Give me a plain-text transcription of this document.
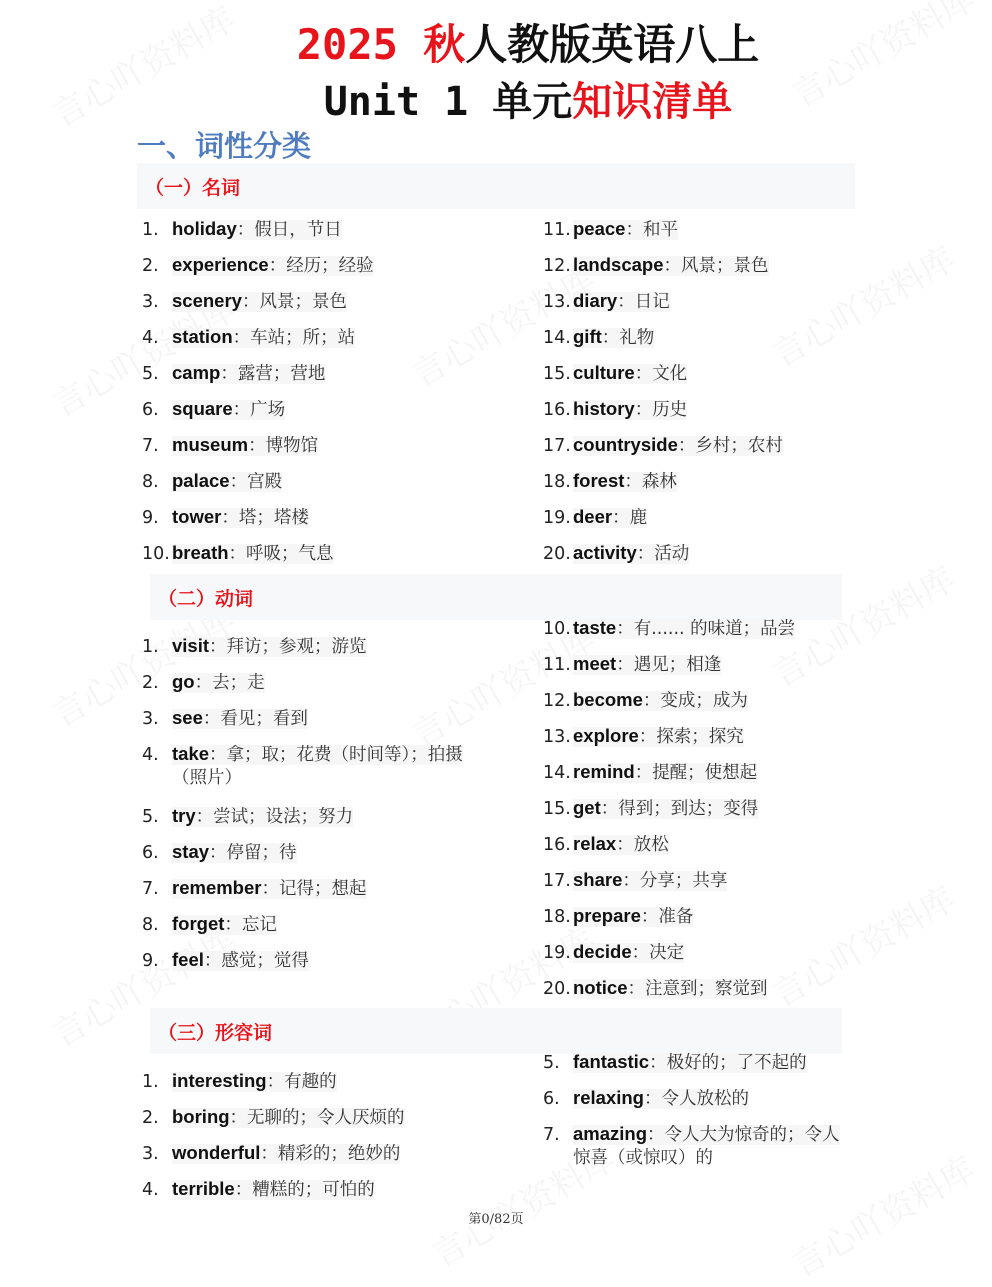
2025 秋人教版英语八上
Unit 1 单元知识清单
一、词性分类
（一）名词
（二）动词
（三）形容词
1. holiday：假日，节日
2. experience：经历；经验
3. scenery：风景；景色
4. station：车站；所；站
5. camp：露营；营地
6. square：广场
7. museum：博物馆
8. palace：宫殿
9. tower：塔；塔楼
10. breath：呼吸；气息
11. peace：和平
12. landscape：风景；景色
13. diary：日记
14. gift：礼物
15. culture：文化
16. history：历史
17. countryside：乡村；农村
18. forest：森林
19. deer：鹿
20. activity：活动
1. visit：拜访；参观；游览
2. go：去；走
3. see：看见；看到
4. take：拿；取；花费（时间等）；拍摄
（照片）
5. try：尝试；设法；努力
6. stay：停留；待
7. remember：记得；想起
8. forget：忘记
9. feel：感觉；觉得
10. taste：有...... 的味道；品尝
11. meet：遇见；相逢
12. become：变成；成为
13. explore：探索；探究
14. remind：提醒；使想起
15. get：得到；到达；变得
16. relax：放松
17. share：分享；共享
18. prepare：准备
19. decide：决定
20. notice：注意到；察觉到
1. interesting：有趣的
2. boring：无聊的；令人厌烦的
3. wonderful：精彩的；绝妙的
4. terrible：糟糕的；可怕的
5. fantastic：极好的；了不起的
6. relaxing：令人放松的
7. amazing：令人大为惊奇的；令人
惊喜（或惊叹）的
第0/82页
